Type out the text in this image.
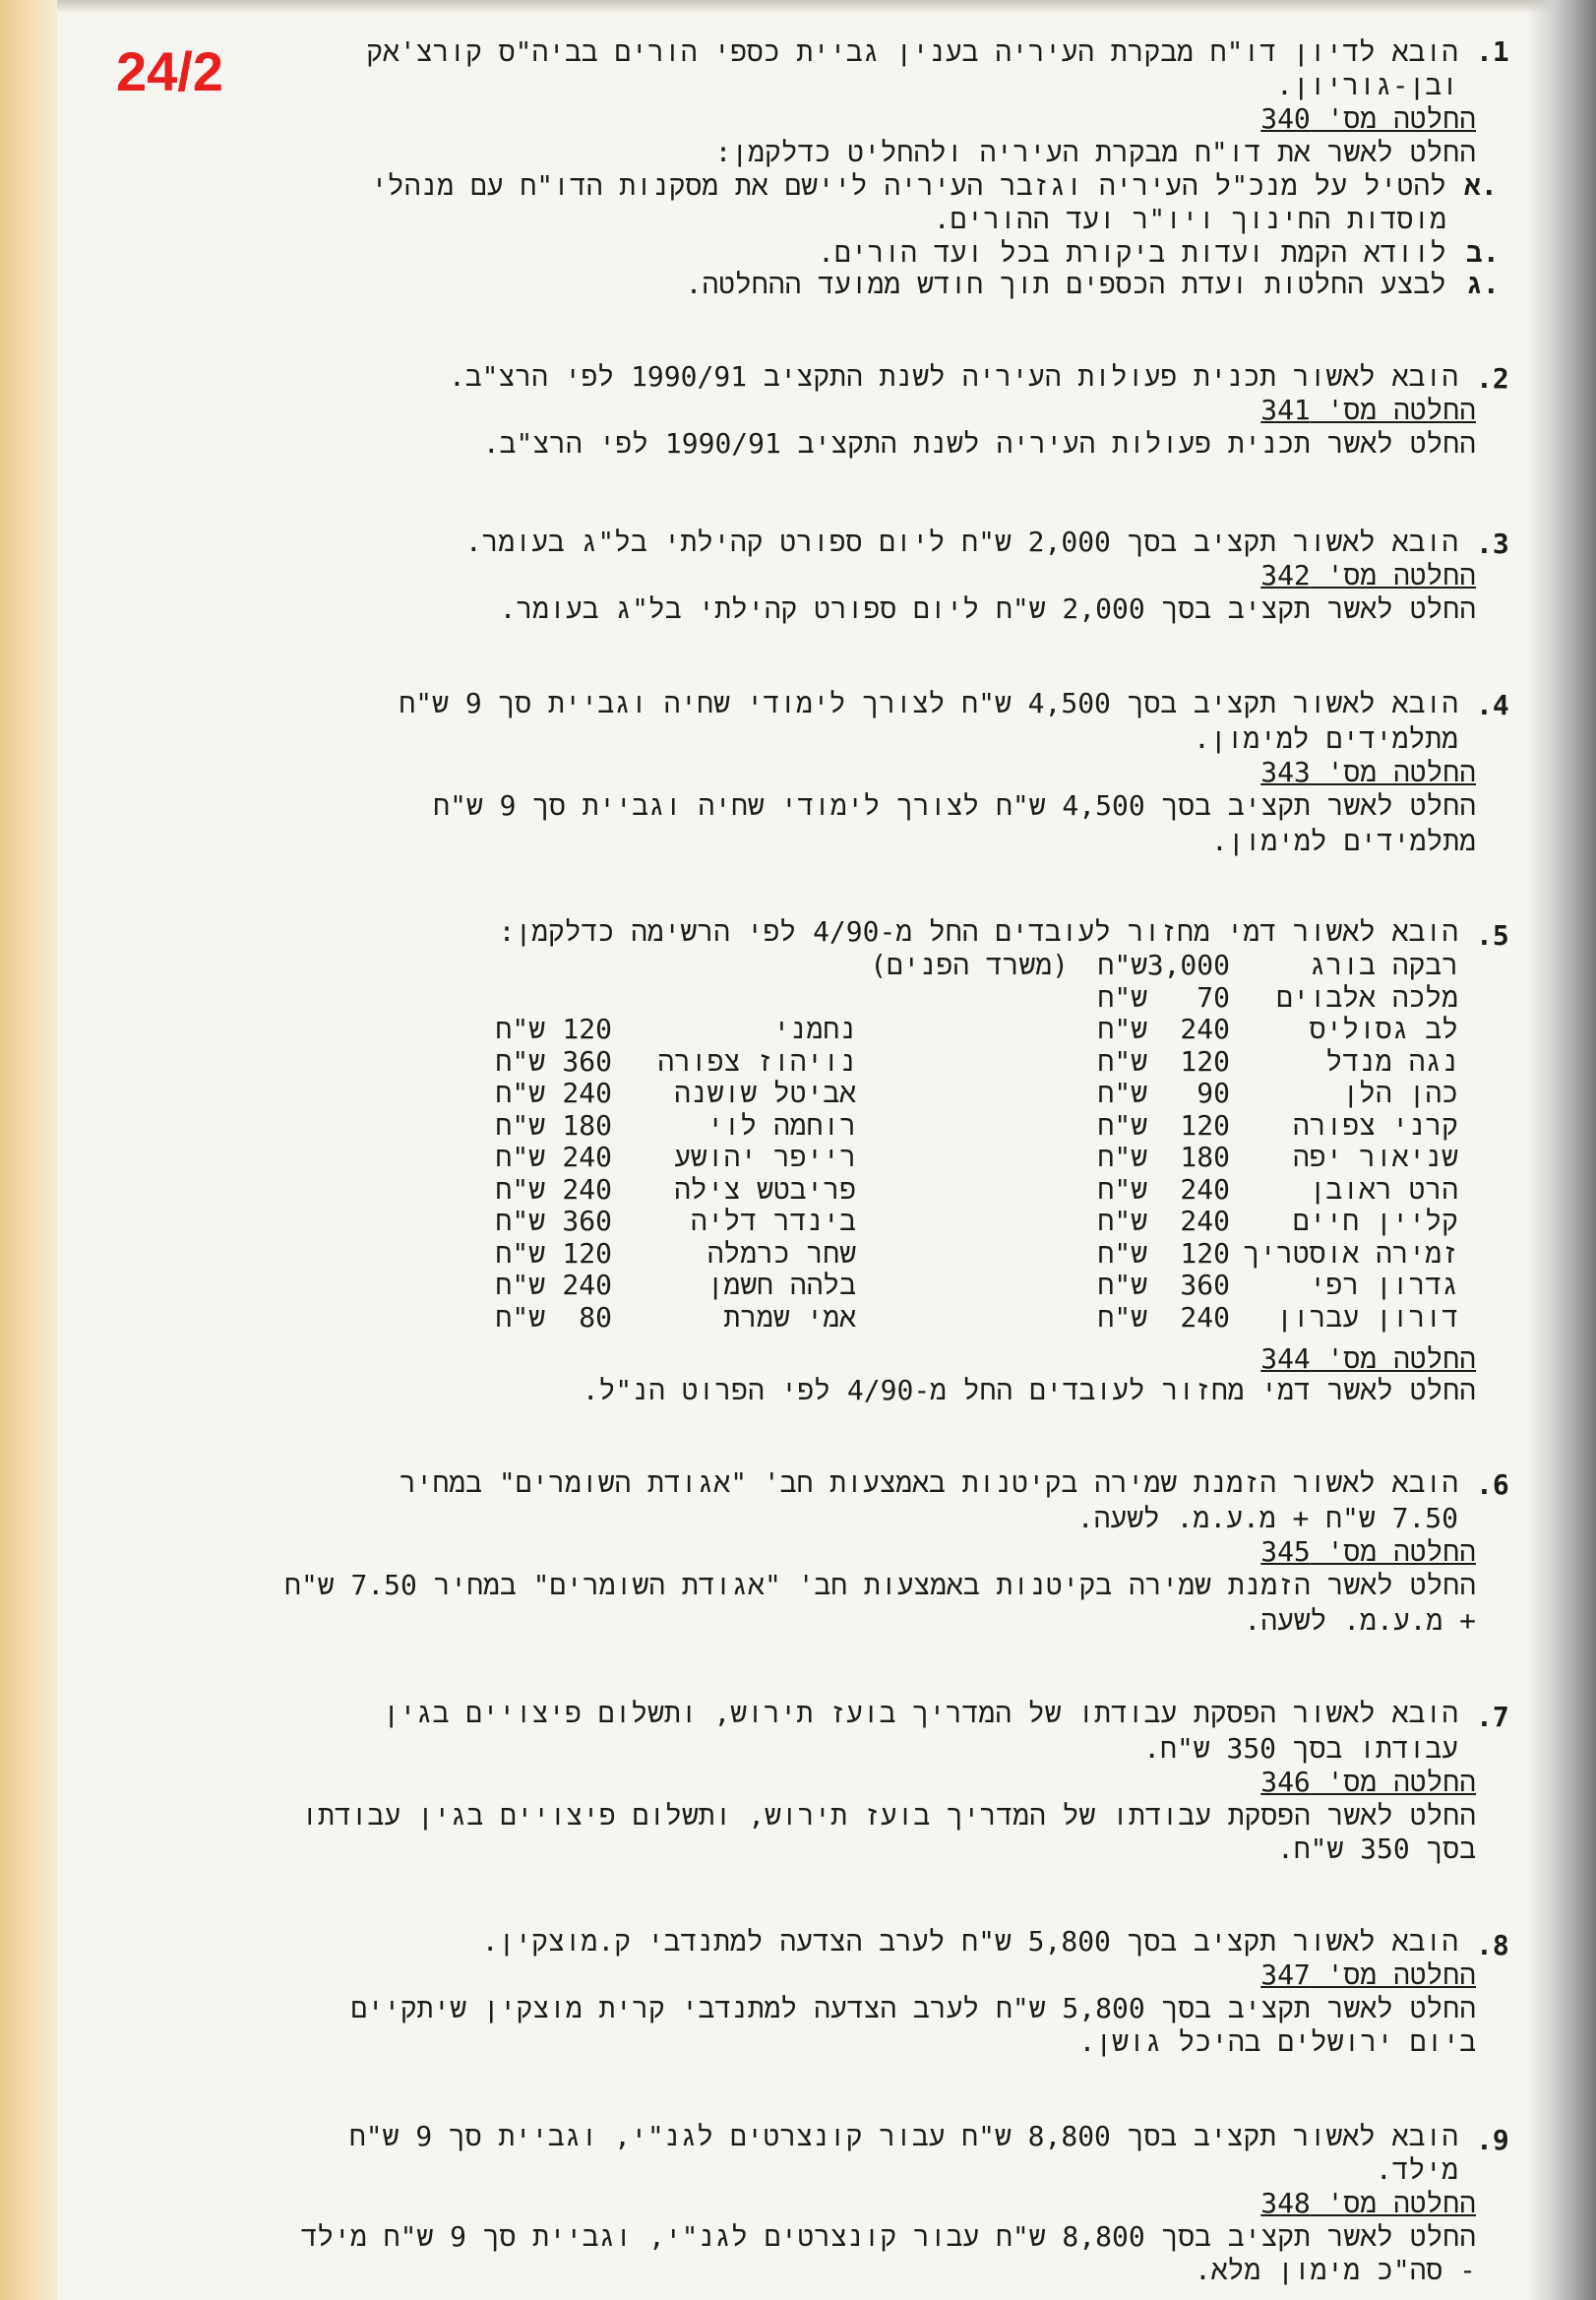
24/2	.1
הובא לדיון דו"ח מבקרת העיריה בענין גביית כספי הורים בביה"ס קורצ'אק
ובן-גוריון.
החלטה מס' 340
החלט לאשר את דו"ח מבקרת העיריה ולהחליט כדלקמן:
א.
להטיל על מנכ"ל העיריה וגזבר העיריה ליישם את מסקנות הדו"ח עם מנהלי
מוסדות החינוך ויו"ר ועד ההורים.
ב.
לוודא הקמת ועדות ביקורת בכל ועד הורים.
ג.
לבצע החלטות ועדת הכספים תוך חודש ממועד ההחלטה.
.2
הובא לאשור תכנית פעולות העיריה לשנת התקציב 1990/91 לפי הרצ"ב.
החלטה מס' 341
החלט לאשר תכנית פעולות העיריה לשנת התקציב 1990/91 לפי הרצ"ב.
.3
הובא לאשור תקציב בסך 2,000 ש"ח ליום ספורט קהילתי בל"ג בעומר.
החלטה מס' 342
החלט לאשר תקציב בסך 2,000 ש"ח ליום ספורט קהילתי בל"ג בעומר.
.4
הובא לאשור תקציב בסך 4,500 ש"ח לצורך לימודי שחיה וגביית סך 9 ש"ח
מתלמידים למימון.
החלטה מס' 343
החלט לאשר תקציב בסך 4,500 ש"ח לצורך לימודי שחיה וגביית סך 9 ש"ח
מתלמידים למימון.
.5
הובא לאשור דמי מחזור לעובדים החל מ-4/90 לפי הרשימה כדלקמן:
החלטה מס' 344
החלט לאשר דמי מחזור לעובדים החל מ-4/90 לפי הפרוט הנ"ל.
.6
הובא לאשור הזמנת שמירה בקיטנות באמצעות חב' "אגודת השומרים" במחיר
7.50 ש"ח + מ.ע.מ. לשעה.
החלטה מס' 345
החלט לאשר הזמנת שמירה בקיטנות באמצעות חב' "אגודת השומרים" במחיר 7.50 ש"ח
+ מ.ע.מ. לשעה.
.7
הובא לאשור הפסקת עבודתו של המדריך בועז תירוש, ותשלום פיצויים בגין
עבודתו בסך 350 ש"ח.
החלטה מס' 346
החלט לאשר הפסקת עבודתו של המדריך בועז תירוש, ותשלום פיצויים בגין עבודתו
בסך 350 ש"ח.
.8
הובא לאשור תקציב בסך 5,800 ש"ח לערב הצדעה למתנדבי ק.מוצקין.
החלטה מס' 347
החלט לאשר תקציב בסך 5,800 ש"ח לערב הצדעה למתנדבי קרית מוצקין שיתקיים
ביום ירושלים בהיכל גושן.
.9
הובא לאשור תקציב בסך 8,800 ש"ח עבור קונצרטים לגנ"י, וגביית סך 9 ש"ח
מילד.
החלטה מס' 348
החלט לאשר תקציב בסך 8,800 ש"ח עבור קונצרטים לגנ"י, וגביית סך 9 ש"ח מילד
- סה"כ מימון מלא.
רבקה בורג
3,000
ש"ח
(משרד הפנים)
מלכה אלבוים
70
ש"ח
לב גסוליס
240
ש"ח
נגה מנדל
120
ש"ח
כהן הלן
90
ש"ח
קרני צפורה
120
ש"ח
שניאור יפה
180
ש"ח
הרט ראובן
240
ש"ח
קליין חיים
240
ש"ח
זמירה אוסטריך
120
ש"ח
גדרון רפי
360
ש"ח
דורון עברון
240
ש"ח
נחמני
120
ש"ח
נויהוז צפורה
360
ש"ח
אביטל שושנה
240
ש"ח
רוחמה לוי
180
ש"ח
רייפר יהושע
240
ש"ח
פריבטש צילה
240
ש"ח
בינדר דליה
360
ש"ח
שחר כרמלה
120
ש"ח
בלהה חשמן
240
ש"ח
אמי שמרת
80
ש"ח
